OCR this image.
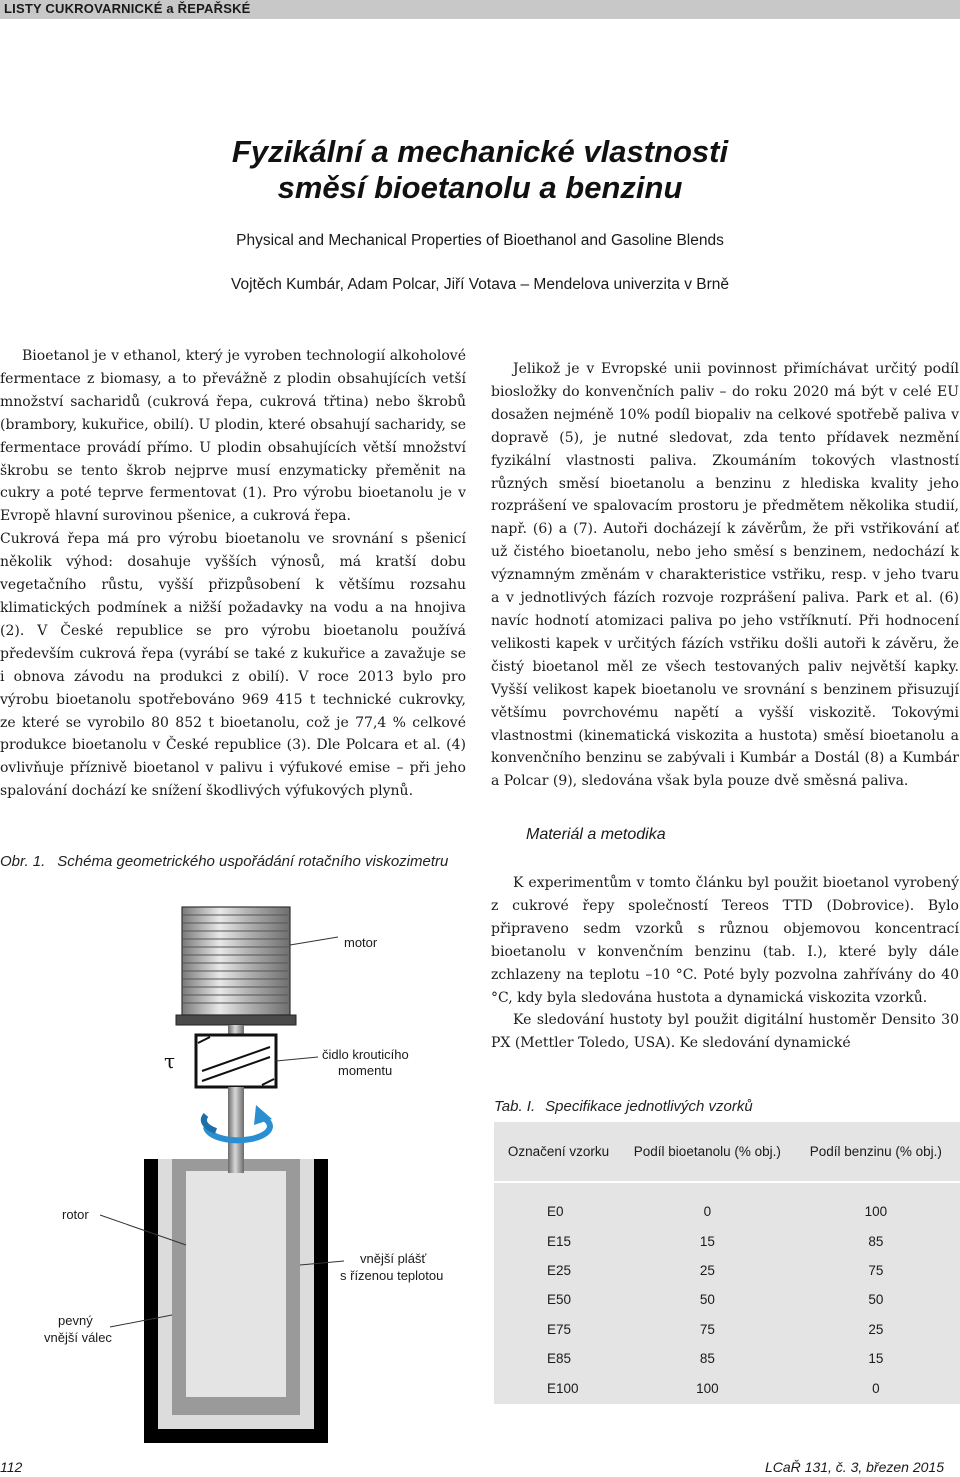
LISTY CUKROVARNICKÉ a ŘEPAŘSKÉ
Fyzikální a mechanické vlastnosti
směsí bioetanolu a benzinu
Physical and Mechanical Properties of Bioethanol and Gasoline Blends
Vojtěch Kumbár, Adam Polcar, Jiří Votava – Mendelova univerzita v Brně

Bioetanol je v ethanol, který je vyroben technologií alkoholové fermentace z biomasy, a to převážně z plodin obsahujících vetší množství sacharidů (cukrová řepa, cukrová třtina) nebo škrobů (brambory, kukuřice, obilí). U plodin, které obsahují sacharidy, se fermentace provádí přímo. U plodin obsahujících větší množství škrobu se tento škrob nejprve musí enzymaticky přeměnit na cukry a poté teprve fermentovat (1). Pro výrobu bioetanolu je v Evropě hlavní surovinou pšenice, a cukrová řepa.

Cukrová řepa má pro výrobu bioetanolu ve srovnání s pšenicí několik výhod: dosahuje vyšších výnosů, má kratší dobu vegetačního růstu, vyšší přizpůsobení k většímu rozsahu klimatických podmínek a nižší požadavky na vodu a na hnojiva (2). V České republice se pro výrobu bioetanolu používá především cukrová řepa (vyrábí se také z kukuřice a zavažuje se i obnova závodu na produkci z obilí). V roce 2013 bylo pro výrobu bioetanolu spotřebováno 969 415 t technické cukrovky, ze které se vyrobilo 80 852 t bioetanolu, což je 77,4 % celkové produkce bioetanolu v České republice (3). Dle Polcara et al. (4) ovlivňuje příznivě bioetanol v palivu i výfukové emise – při jeho spalování dochází ke snížení škodlivých výfukových plynů.

Jelikož je v Evropské unii povinnost přimíchávat určitý podíl biosložky do konvenčních paliv – do roku 2020 má být v celé EU dosažen nejméně 10% podíl biopaliv na celkové spotřebě paliva v dopravě (5), je nutné sledovat, zda tento přídavek nezmění fyzikální vlastnosti paliva. Zkoumáním tokových vlastností různých směsí bioetanolu a benzinu z hlediska kvality jeho rozprášení ve spalovacím prostoru je předmětem několika studií, např. (6) a (7). Autoři docházejí k závěrům, že při vstřikování ať už čistého bioetanolu, nebo jeho směsí s benzinem, nedochází k významným změnám v charakteristice vstřiku, resp. v jeho tvaru a v jednotlivých fázích rozvoje rozprášení paliva. Park et al. (6) navíc hodnotí atomizaci paliva po jeho vstříknutí. Při hodnocení velikosti kapek v určitých fázích vstřiku došli autoři k závěru, že čistý bioetanol měl ze všech testovaných paliv největší kapky. Vyšší velikost kapek bioetanolu ve srovnání s benzinem přisuzují většímu povrchovému napětí a vyšší viskozitě. Tokovými vlastnostmi (kinematická viskozita a hustota) směsí bioetanolu a konvenčního benzinu se zabývali i Kumbár a Dostál (8) a Kumbár a Polcar (9), sledována však byla pouze dvě směsná paliva.

Materiál a metodika

K experimentům v tomto článku byl použit bioetanol vyrobený z cukrové řepy společností Tereos TTD (Dobrovice). Bylo připraveno sedm vzorků s různou objemovou koncentrací bioetanolu v konvenčním benzinu (tab. I.), které byly dále zchlazeny na teplotu –10 °C. Poté byly pozvolna zahřívány do 40 °C, kdy byla sledována hustota a dynamická viskozita vzorků.

Ke sledování hustoty byl použit digitální hustoměr Densito 30 PX (Mettler Toledo, USA). Ke sledování dynamické

Obr. 1. Schéma geometrického uspořádání rotačního viskozimetru
motor
čidlo krouticího
momentu
τ
rotor
vnější plášť
s řízenou teplotou
pevný
vnější válec
Tab. I. Specifikace jednotlivých vzorků
Označení vzorku	Podíl bioetanolu (% obj.)	Podíl benzinu (% obj.)

E0	0	100
E15	15	85
E25	25	75
E50	50	50
E75	75	25
E85	85	15
E100	100	0
112	LCaŘ 131, č. 3, březen 2015
